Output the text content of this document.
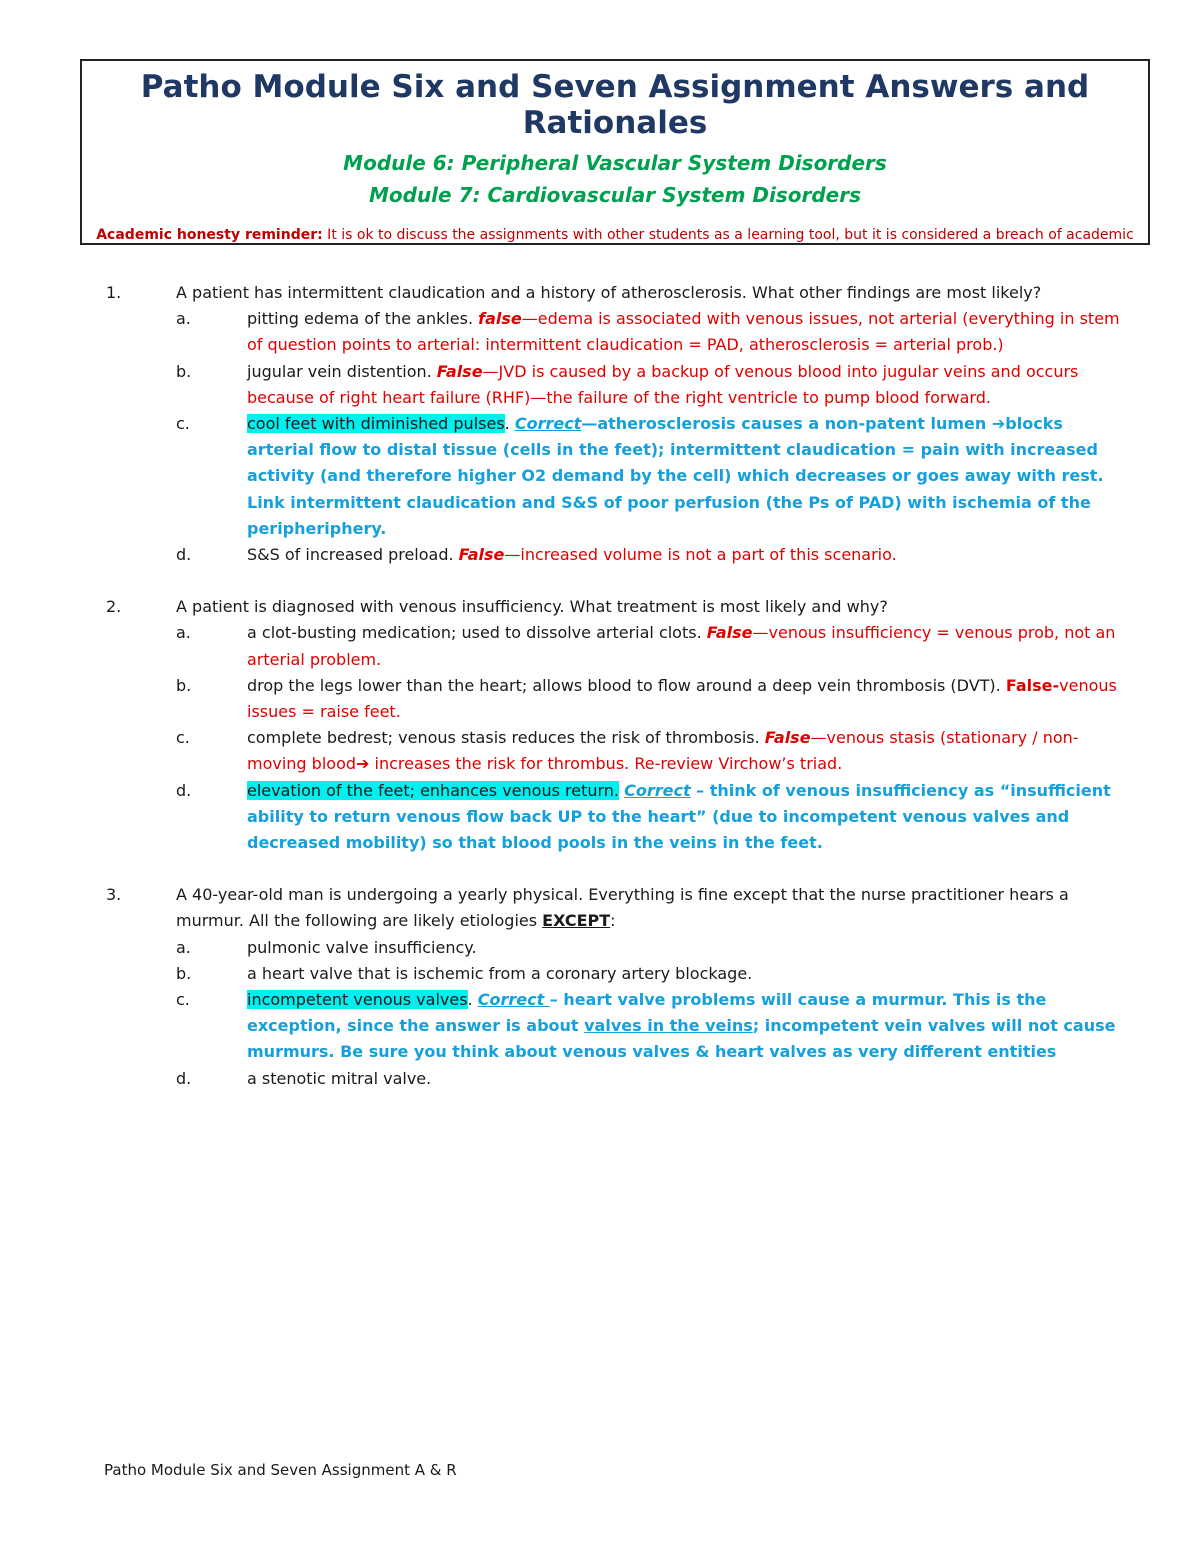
Patho Module Six and Seven Assignment Answers and Rationales
Module 6: Peripheral Vascular System Disorders
Module 7: Cardiovascular System Disorders
Academic honesty reminder: It is ok to discuss the assignments with other students as a learning tool, but it is considered a breach of academic
1.	A patient has intermittent claudication and a history of atherosclerosis. What other findings are most likely?
a.	pitting edema of the ankles. false—edema is associated with venous issues, not arterial (everything in stem of question points to arterial: intermittent claudication = PAD, atherosclerosis = arterial prob.)
b.	jugular vein distention. False—JVD is caused by a backup of venous blood into jugular veins and occurs because of right heart failure (RHF)—the failure of the right ventricle to pump blood forward.
c.	cool feet with diminished pulses. Correct—atherosclerosis causes a non-patent lumen ➔blocks arterial flow to distal tissue (cells in the feet); intermittent claudication = pain with increased activity (and therefore higher O2 demand by the cell) which decreases or goes away with rest. Link intermittent claudication and S&S of poor perfusion (the Ps of PAD) with ischemia of the peripheriphery.
d.	S&S of increased preload. False—increased volume is not a part of this scenario.
2.	A patient is diagnosed with venous insufficiency. What treatment is most likely and why?
a.	a clot-busting medication; used to dissolve arterial clots. False—venous insufficiency = venous prob, not an arterial problem.
b.	drop the legs lower than the heart; allows blood to flow around a deep vein thrombosis (DVT). False-venous issues = raise feet.
c.	complete bedrest; venous stasis reduces the risk of thrombosis. False—venous stasis (stationary / non-moving blood➔ increases the risk for thrombus. Re-review Virchow’s triad.
d.	elevation of the feet; enhances venous return. Correct – think of venous insufficiency as “insufficient ability to return venous flow back UP to the heart” (due to incompetent venous valves and decreased mobility) so that blood pools in the veins in the feet.
3.	A 40-year-old man is undergoing a yearly physical. Everything is fine except that the nurse practitioner hears a murmur. All the following are likely etiologies EXCEPT:
a.	pulmonic valve insufficiency.
b.	a heart valve that is ischemic from a coronary artery blockage.
c.	incompetent venous valves. Correct – heart valve problems will cause a murmur. This is the exception, since the answer is about valves in the veins; incompetent vein valves will not cause murmurs. Be sure you think about venous valves & heart valves as very different entities
d.	a stenotic mitral valve.
Patho Module Six and Seven Assignment A & R
